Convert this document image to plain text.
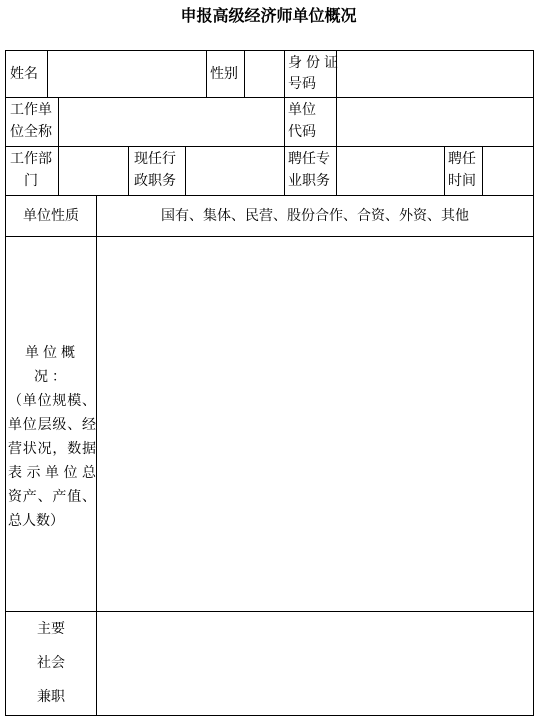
申报高级经济师单位概况
姓名	性别
身份证
号码
工作单
位全称
单位
代码
工作部
门
现任行
政职务
聘任专
业职务
聘任
时间
单位性质	国有、集体、民营、股份合作、合资、外资、其他
单位概况：
（单位规模、
单位层级、经
营状况，数据
表示单位总
资产、产值、
总人数）
主要
社会
兼职
